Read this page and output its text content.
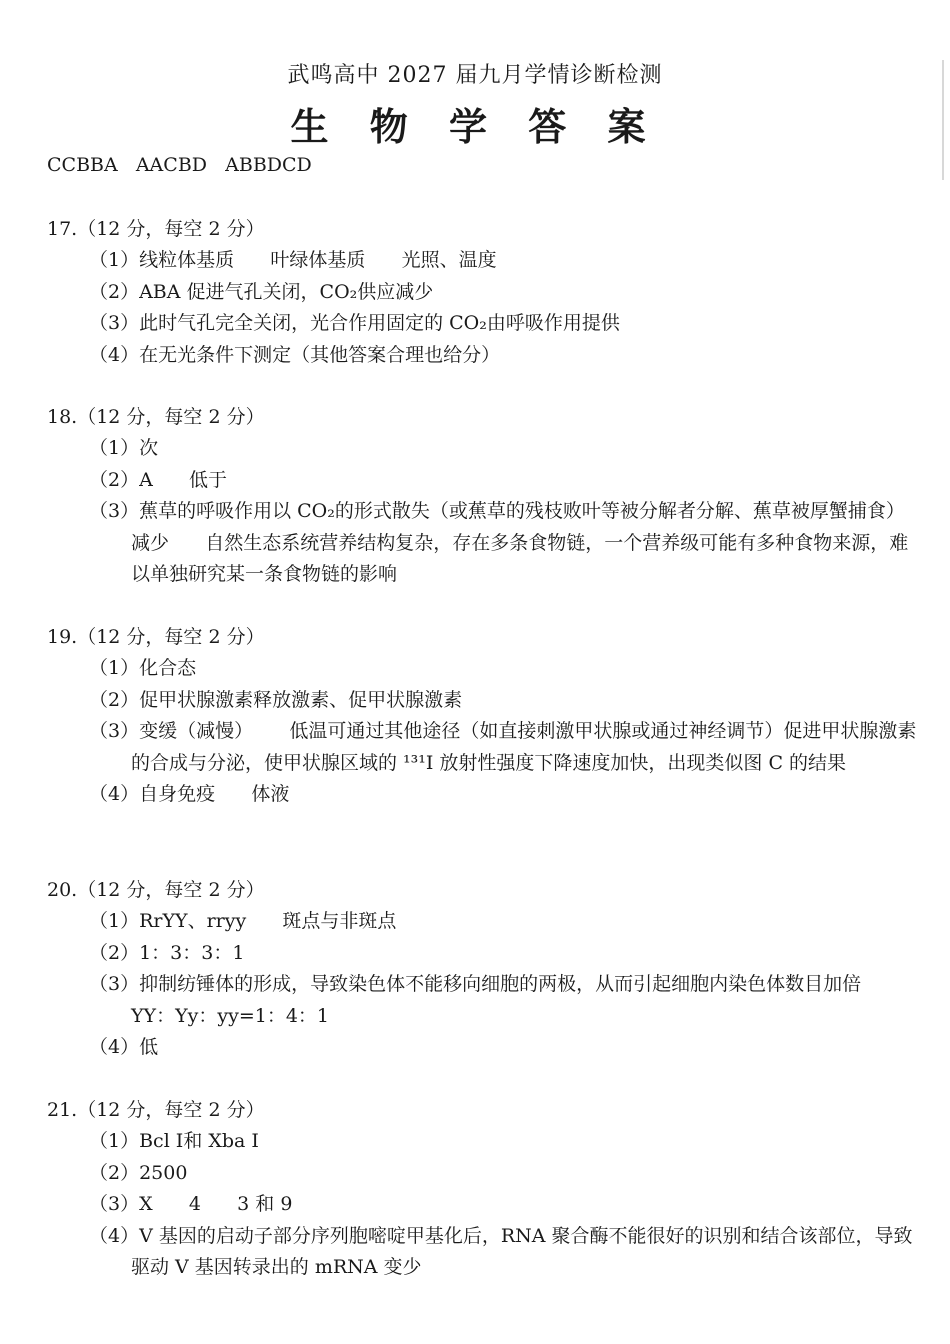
武鸣高中 2027 届九月学情诊断检测
生 物 学 答 案
CCBBA   AACBD   ABBDCD
17.（12 分，每空 2 分）
（1）线粒体基质      叶绿体基质      光照、温度
（2）ABA 促进气孔关闭，CO₂供应减少
（3）此时气孔完全关闭，光合作用固定的 CO₂由呼吸作用提供
（4）在无光条件下测定（其他答案合理也给分）
18.（12 分，每空 2 分）
（1）次
（2）A      低于
（3）蕉草的呼吸作用以 CO₂的形式散失（或蕉草的残枝败叶等被分解者分解、蕉草被厚蟹捕食）      减少      自然生态系统营养结构复杂，存在多条食物链，一个营养级可能有多种食物来源，难以单独研究某一条食物链的影响
19.（12 分，每空 2 分）
（1）化合态
（2）促甲状腺激素释放激素、促甲状腺激素
（3）变缓（减慢）      低温可通过其他途径（如直接刺激甲状腺或通过神经调节）促进甲状腺激素的合成与分泌，使甲状腺区域的 ¹³¹I 放射性强度下降速度加快，出现类似图 C 的结果
（4）自身免疫      体液
20.（12 分，每空 2 分）
（1）RrYY、rryy      斑点与非斑点
（2）1：3：3：1
（3）抑制纺锤体的形成，导致染色体不能移向细胞的两极，从而引起细胞内染色体数目加倍      YY：Yy：yy=1：4：1
（4）低
21.（12 分，每空 2 分）
（1）Bcl I和 Xba I
（2）2500
（3）X      4      3 和 9
（4）V 基因的启动子部分序列胞嘧啶甲基化后，RNA 聚合酶不能很好的识别和结合该部位，导致驱动 V 基因转录出的 mRNA 变少
